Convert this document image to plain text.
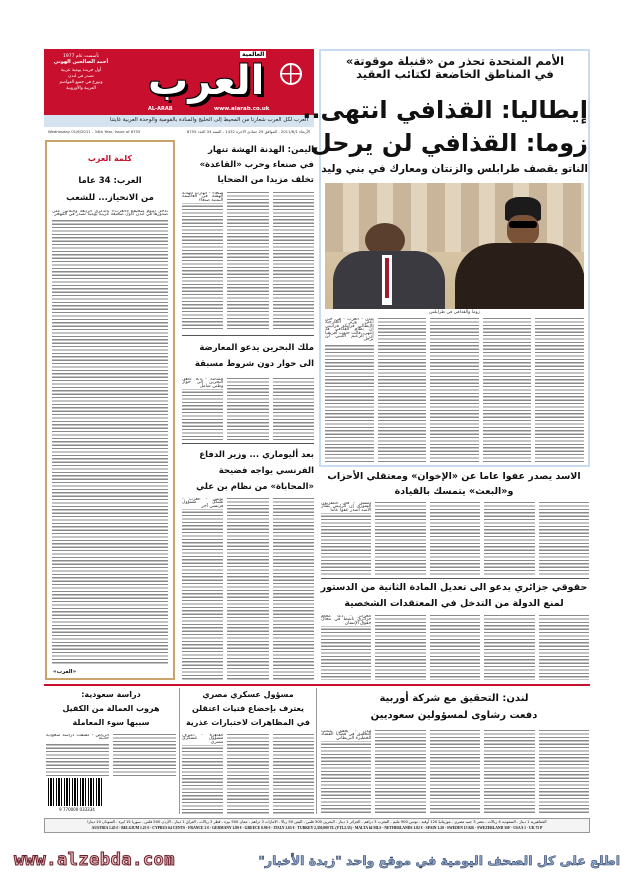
تأسست عام 1977
أحمد الصالحين الهوني
أول جريدة يومية عربية
تصدر في لندن
وتوزع في جميع العواصم
العربية والأوروبية	العرب
العالمية
AL-ARAB	www.alarab.co.uk
العرب لكل العرب شعارنا من المحيط إلى الخليج والمنادة بالقومية والوحدة العربية غايتنا
Wednesday 01/6/2011 - 34th Year, Issue of 8755	الأربعاء 2011/6/1 - الموافق 29 جمادى الآخرة 1432 - السنة 34 العدد 8755
الأمم المتحدة تحذر من «قنبلة موقوتة»
في المناطق الخاضعة لكتائب العقيد
إيطاليا: القذافي انتهى..
زوما: القذافي لن يرحل
الناتو يقصف طرابلس والزنتان ومعارك في بني وليد
زوما والقذافي في طرابلس

لندن - العرب - في حين أعلن وزير الخارجية الإيطالي فرانكو فراتيني أن نظام القذافي قد انتهى، قالت جنوب أفريقيا إن الزعيم الليبي لن يرحل

كلمة العرب
العرب: 34 عاما
من الانحياز... للشعب

تدخل اليوم صحيفة «العرب» بالذكرى الرابعة والثلاثين على صدورها في لندن كأول صحيفة عربية يومية تصدر في المهجر

«العرب»
اليمن: الهدنة الهشة تنهار
في صنعاء وحرب «القاعدة»
تخلف مزيدا من الضحايا

صنعاء - انهارت الهدنة الهشة في العاصمة اليمنية صنعاء

ملك البحرين يدعو المعارضة
الى حوار دون شروط مسبقة

المنامة - دعا عاهل البحرين إلى حوار وطني شامل

بعد أليوماري ... وزير الدفاع
الفرنسي يواجه فضيحة
«المحاباة» من نظام بن علي

تونس - العرب - تشكل مسؤول فرنسي آخر

الاسد يصدر عفوا عاما عن «الإخوان» ومعتقلي الأحزاب
و«البعث» يتمسك بالقيادة

دمشق - قال التلفزيون السوري إن الرئيس بشار الأسد أصدر عفوا عاما

حقوقي جزائري يدعو الى تعديل المادة الثانية من الدستور
لمنع الدولة من التدخل في المعتقدات الشخصية

الجزائر - دعا محام جزائري ناشط في مجال حقوق الإنسان

لندن: التحقيق مع شركة أوربية
دفعت رشاوى لمسؤولين سعوديين

لندن - يحقق مكتب التحقيق في قضايا الفساد الخطيرة البريطاني

مسؤول عسكري مصري
يعترف بإخضاع فتيات اعتقلن
في المظاهرات لاختبارات عذرية

القاهرة - اعترف مسؤول عسكري مصري

دراسة سعودية:
هروب العمالة من الكفيل
سببها سوء المعاملة

الرياض - كشفت دراسة سعودية حديثة

9 770000 033334
الجماهيرية 1 دينار - السعودية 4 ريالات - مصر 3 جنيه مصري - موريتانيا 120 أوقية - تونس 900 مليم - المغرب 3 دراهم - الجزائر 1 دينار - البحرين 500 فلس - اليمن 50 ريالا - الامارات 3 دراهم - عمان 500 بيزة - قطر 3 ريالات - العراق 1 دينار - الأردن 500 فلس - سوريا 15 ليرة - السودان 10 دينارا
AUSTRIA 1.45 € - BELGIUM 1.25 € - CYPRUS 64 CENTS - FRANCE 2 € - GERMANY 1.80 € - GREECE 0.90 € - ITALY 1.65 € - TURKEY 2,350,000 TL (YTL2.35) - MALTA 64 MLS - NETHERLANDS 1.82 € - SPAIN 1.20 - SWEDEN 15 KR - SWEZERLAND 3SF - USA $ 1 - UK 75 P
اطلع على كل الصحف اليومية في موقع واحد "زبدة الأخبار"
www.alzebda.com
